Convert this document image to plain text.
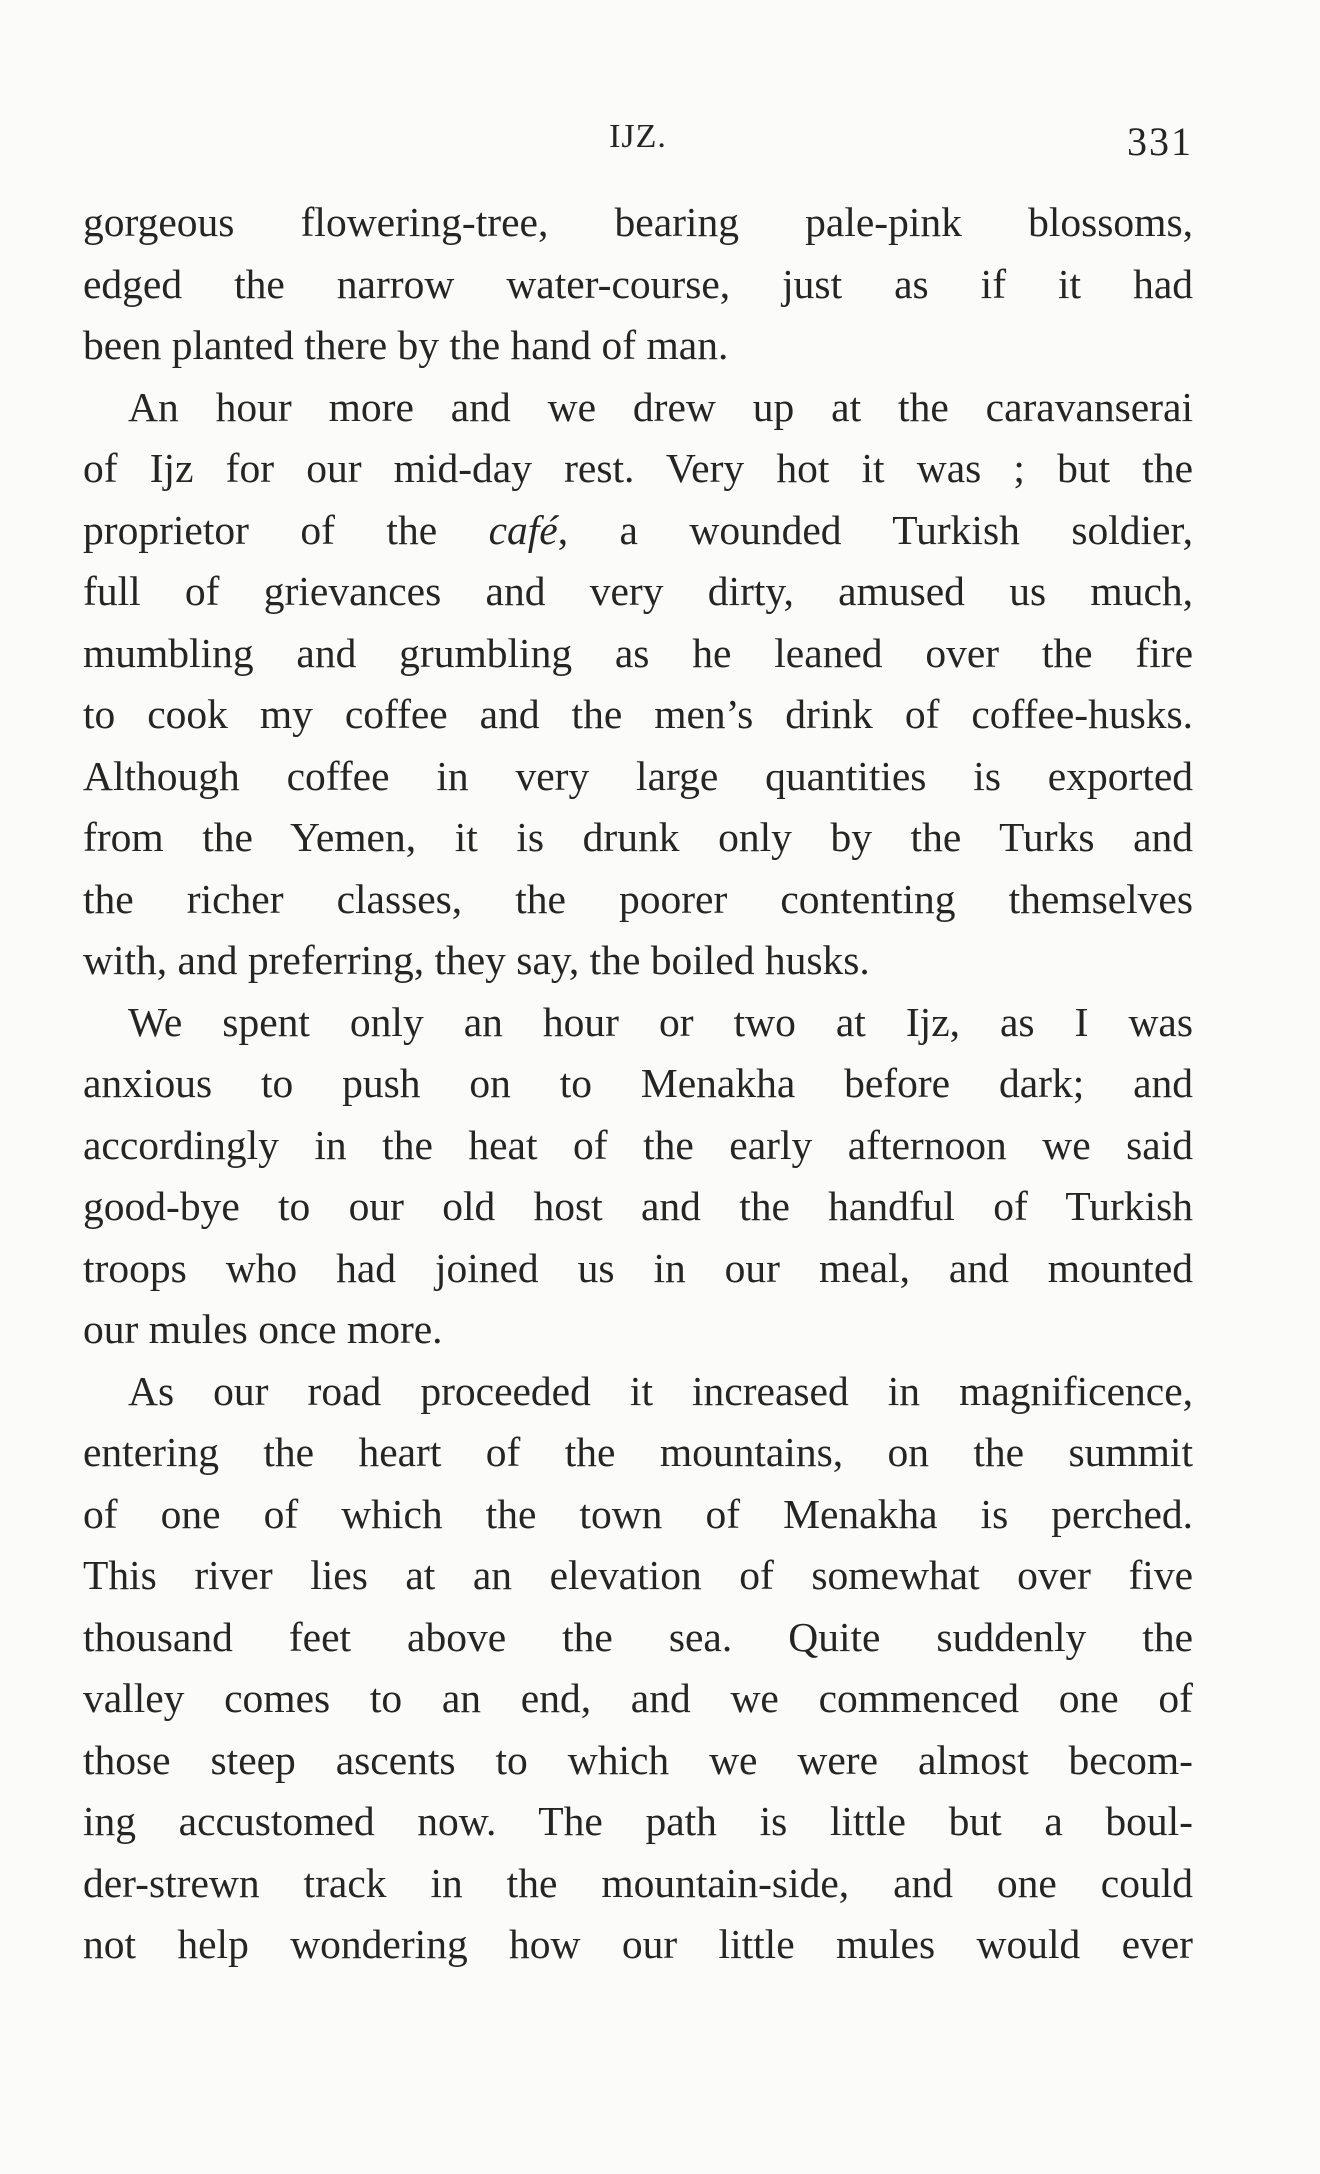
IJZ.	331
gorgeous flowering-tree, bearing pale-pink blossoms,
edged the narrow water-course, just as if it had
been planted there by the hand of man.
An hour more and we drew up at the caravanserai
of Ijz for our mid-day rest. Very hot it was ; but the
proprietor of the café, a wounded Turkish soldier,
full of grievances and very dirty, amused us much,
mumbling and grumbling as he leaned over the fire
to cook my coffee and the men’s drink of coffee-husks.
Although coffee in very large quantities is exported
from the Yemen, it is drunk only by the Turks and
the richer classes, the poorer contenting themselves
with, and preferring, they say, the boiled husks.
We spent only an hour or two at Ijz, as I was
anxious to push on to Menakha before dark; and
accordingly in the heat of the early afternoon we said
good-bye to our old host and the handful of Turkish
troops who had joined us in our meal, and mounted
our mules once more.
As our road proceeded it increased in magnificence,
entering the heart of the mountains, on the summit
of one of which the town of Menakha is perched.
This river lies at an elevation of somewhat over five
thousand feet above the sea. Quite suddenly the
valley comes to an end, and we commenced one of
those steep ascents to which we were almost becom-
ing accustomed now. The path is little but a boul-
der-strewn track in the mountain-side, and one could
not help wondering how our little mules would ever
